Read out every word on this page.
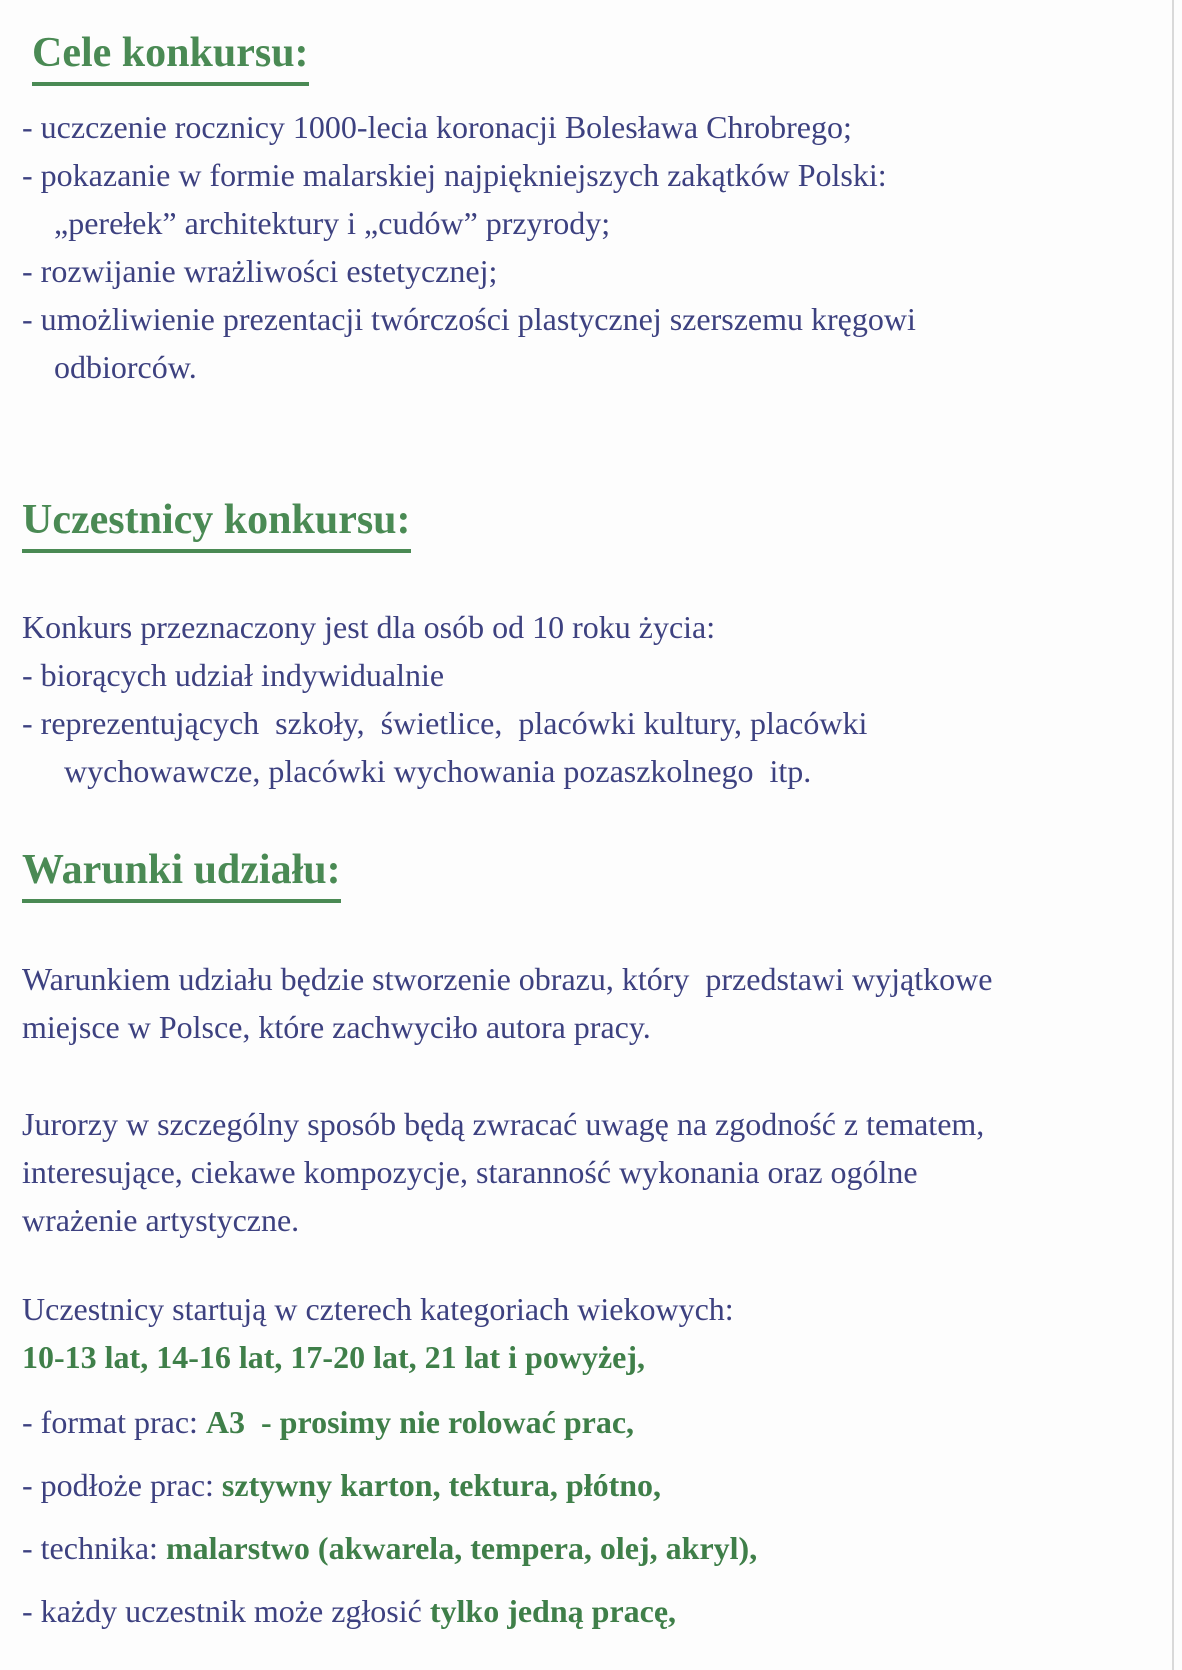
Cele konkursu:
- uczczenie rocznicy 1000-lecia koronacji Bolesława Chrobrego;
- pokazanie w formie malarskiej najpiękniejszych zakątków Polski:
„perełek” architektury i „cudów” przyrody;
- rozwijanie wrażliwości estetycznej;
- umożliwienie prezentacji twórczości plastycznej szerszemu kręgowi
odbiorców.
Uczestnicy konkursu:
Konkurs przeznaczony jest dla osób od 10 roku życia:
- biorących udział indywidualnie
- reprezentujących  szkoły,  świetlice,  placówki kultury, placówki
wychowawcze, placówki wychowania pozaszkolnego  itp.
Warunki udziału:
Warunkiem udziału będzie stworzenie obrazu, który  przedstawi wyjątkowe
miejsce w Polsce, które zachwyciło autora pracy.
Jurorzy w szczególny sposób będą zwracać uwagę na zgodność z tematem,
interesujące, ciekawe kompozycje, staranność wykonania oraz ogólne
wrażenie artystyczne.
Uczestnicy startują w czterech kategoriach wiekowych:
10-13 lat, 14-16 lat, 17-20 lat, 21 lat i powyżej,
- format prac: A3  - prosimy nie rolować prac,
- podłoże prac: sztywny karton, tektura, płótno,
- technika: malarstwo (akwarela, tempera, olej, akryl),
- każdy uczestnik może zgłosić tylko jedną pracę,
